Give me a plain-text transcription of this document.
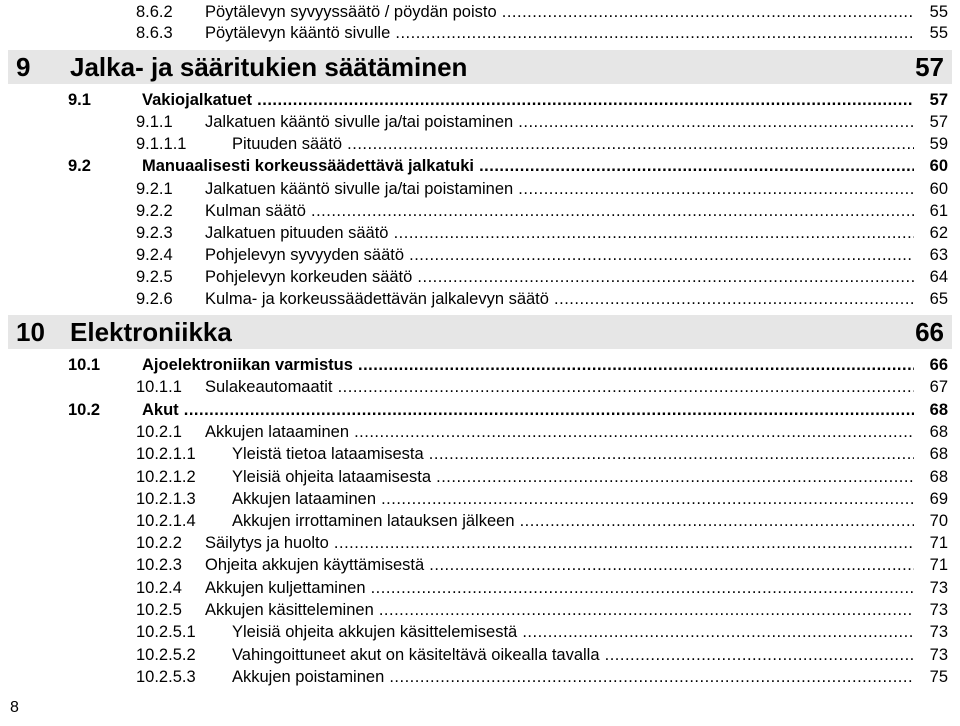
8.6.2 Pöytälevyn syvyyssäätö / pöydän poisto .....	55
8.6.3 Pöytälevyn kääntö sivulle .....	55
9 Jalka- ja sääritukien säätäminen	57
9.1	Vakiojalkatuet .....	57
9.1.1 Jalkatuen kääntö sivulle ja/tai poistaminen .....	57
9.1.1.1	Pituuden säätö .....	59
9.2	Manuaalisesti korkeussäädettävä jalkatuki .....	60
9.2.1 Jalkatuen kääntö sivulle ja/tai poistaminen .....	60
9.2.2 Kulman säätö .....	61
9.2.3 Jalkatuen pituuden säätö .....	62
9.2.4 Pohjelevyn syvyyden säätö .....	63
9.2.5 Pohjelevyn korkeuden säätö .....	64
9.2.6 Kulma- ja korkeussäädettävän jalkalevyn säätö .....	65
10 Elektroniikka	66
10.1	Ajoelektroniikan varmistus .....	66
10.1.1 Sulakeautomaatit .....	67
10.2	Akut .....	68
10.2.1 Akkujen lataaminen .....	68
10.2.1.1 Yleistä tietoa lataamisesta .....	68
10.2.1.2 Yleisiä ohjeita lataamisesta .....	68
10.2.1.3 Akkujen lataaminen .....	69
10.2.1.4 Akkujen irrottaminen latauksen jälkeen .....	70
10.2.2 Säilytys ja huolto .....	71
10.2.3 Ohjeita akkujen käyttämisestä .....	71
10.2.4 Akkujen kuljettaminen .....	73
10.2.5 Akkujen käsitteleminen .....	73
10.2.5.1 Yleisiä ohjeita akkujen käsittelemisestä .....	73
10.2.5.2 Vahingoittuneet akut on käsiteltävä oikealla tavalla .....	73
10.2.5.3 Akkujen poistaminen .....	75
8
